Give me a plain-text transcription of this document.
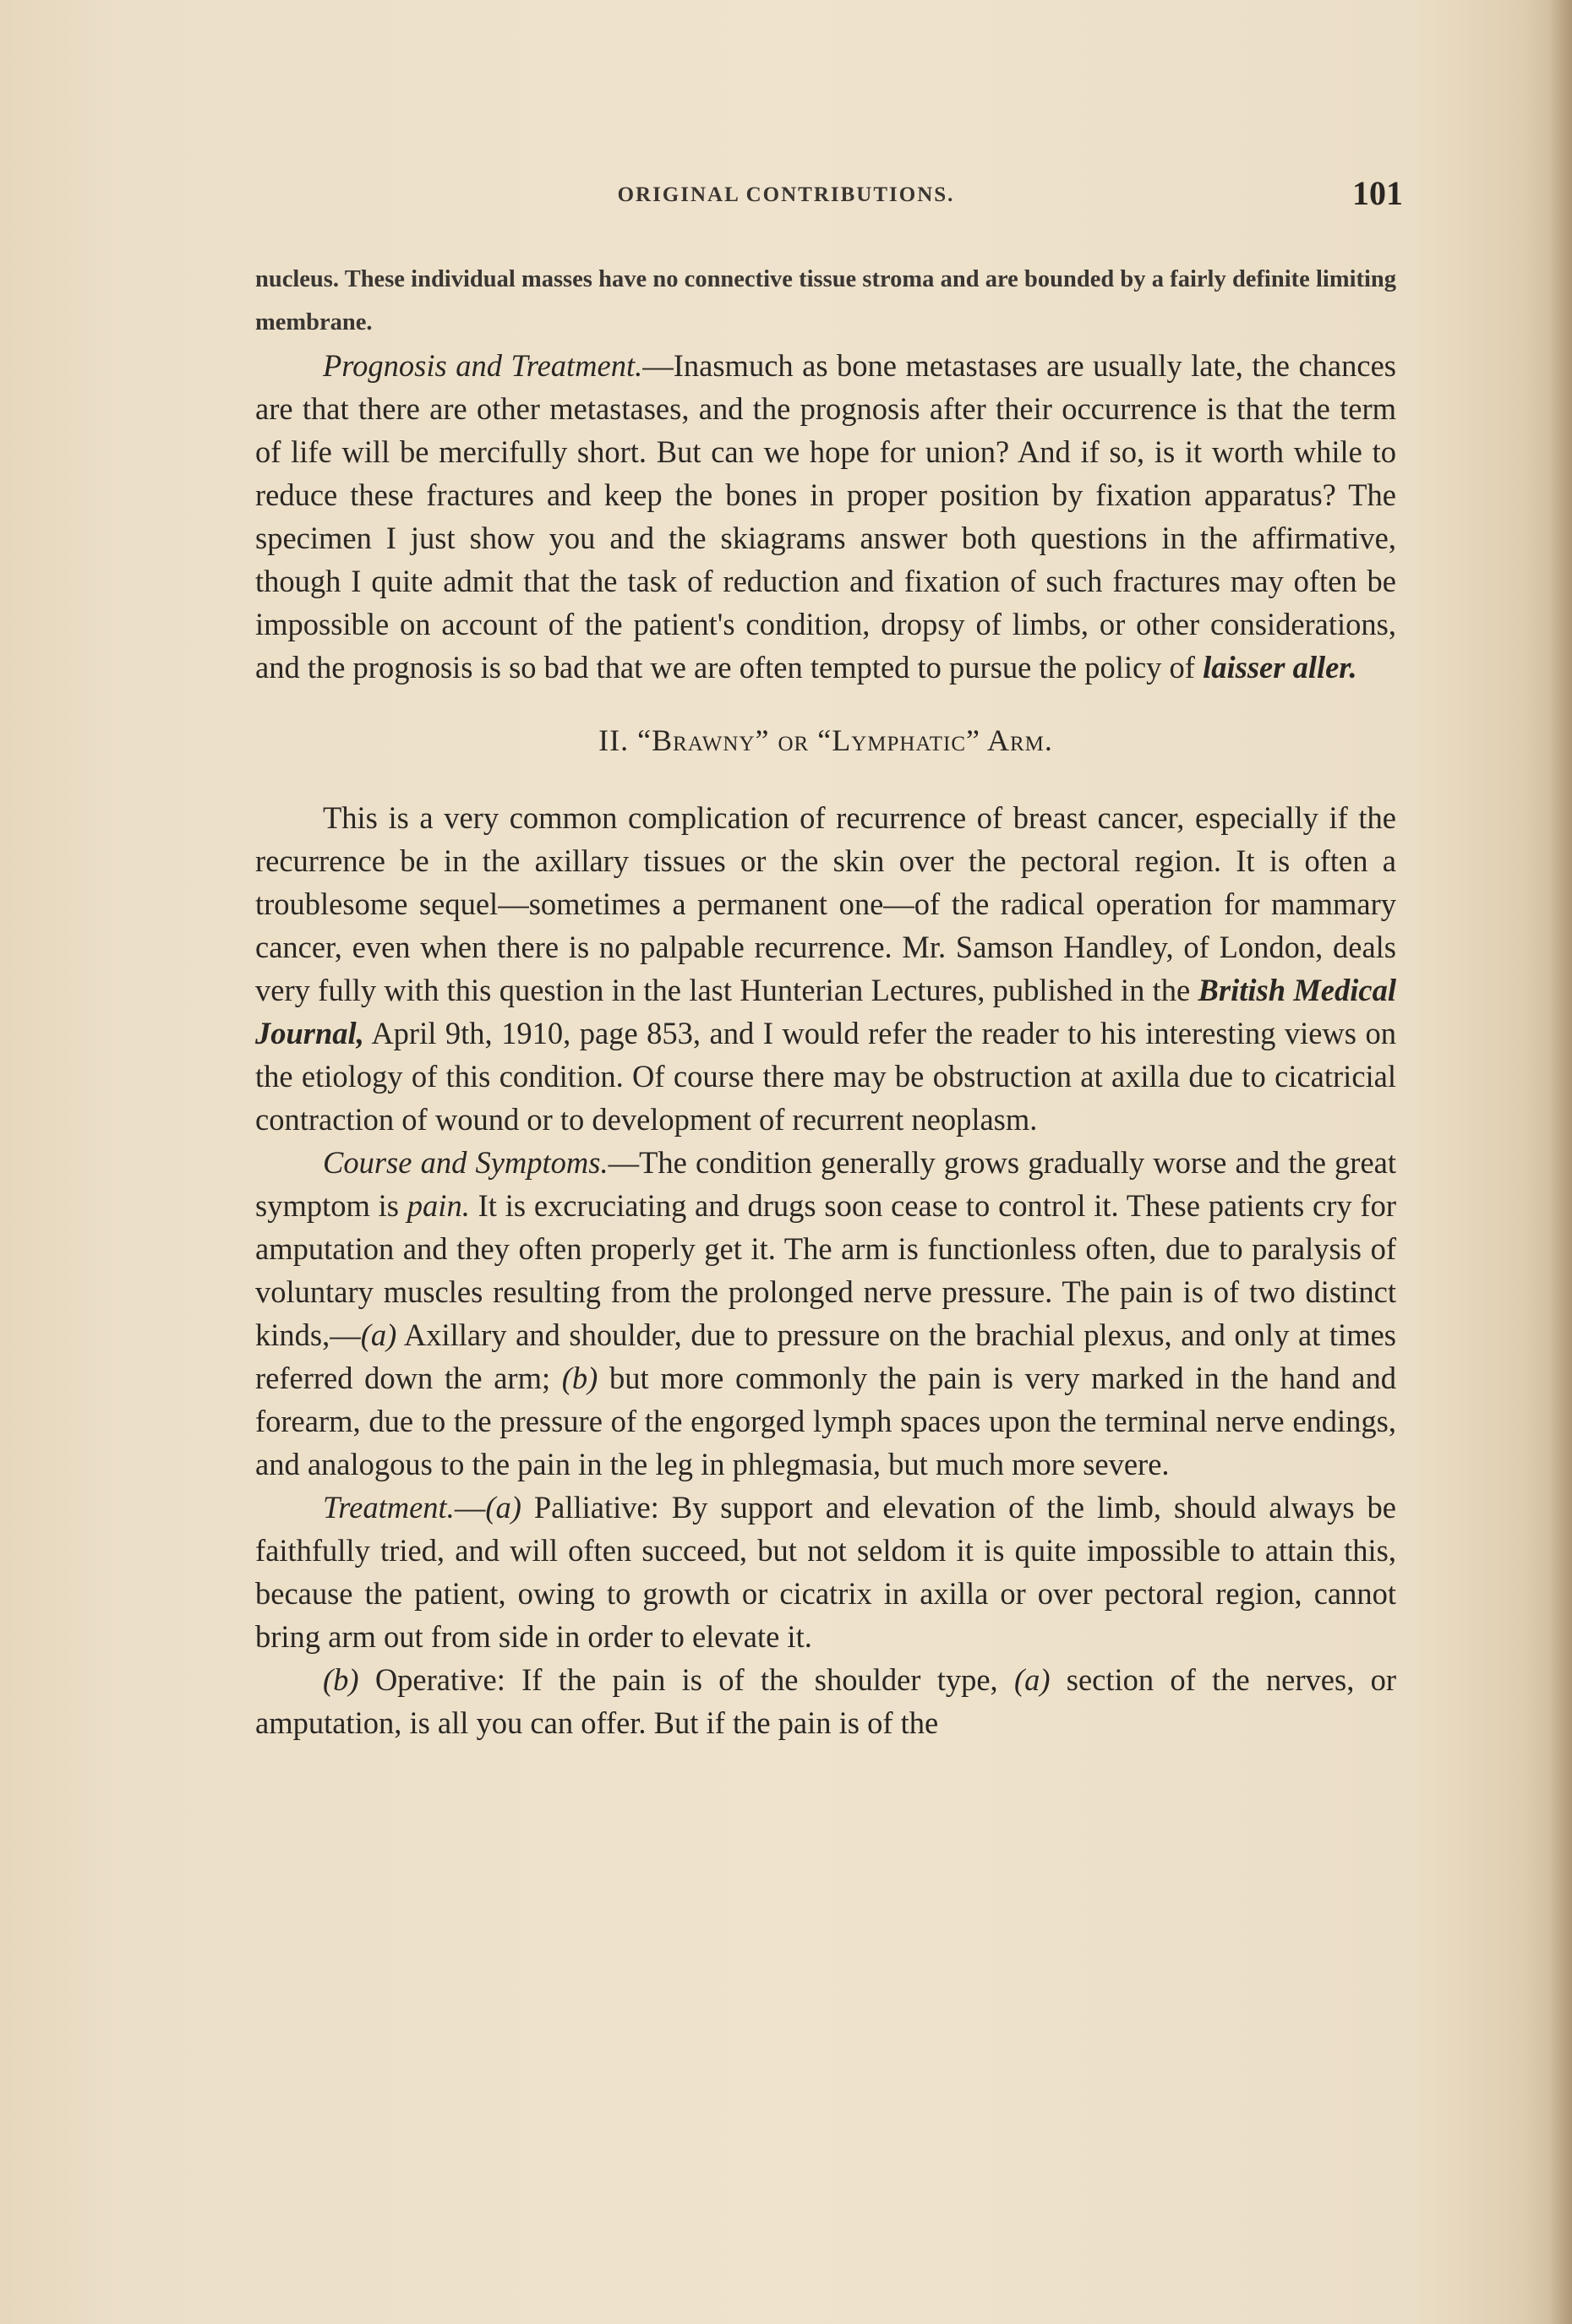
ORIGINAL CONTRIBUTIONS.	101

nucleus. These individual masses have no connective tissue stroma and are bounded by a fairly definite limiting membrane.

Prognosis and Treatment.—Inasmuch as bone metastases are usually late, the chances are that there are other metastases, and the prognosis after their occurrence is that the term of life will be mercifully short. But can we hope for union? And if so, is it worth while to reduce these fractures and keep the bones in proper position by fixation apparatus? The specimen I just show you and the skiagrams answer both questions in the affirmative, though I quite admit that the task of reduction and fixation of such fractures may often be impossible on account of the patient's condition, dropsy of limbs, or other considerations, and the prognosis is so bad that we are often tempted to pursue the policy of laisser aller.

II. “Brawny” or “Lymphatic” Arm.

This is a very common complication of recurrence of breast cancer, especially if the recurrence be in the axillary tissues or the skin over the pectoral region. It is often a troublesome sequel—sometimes a permanent one—of the radical operation for mammary cancer, even when there is no palpable recurrence. Mr. Samson Handley, of London, deals very fully with this question in the last Hunterian Lectures, published in the British Medical Journal, April 9th, 1910, page 853, and I would refer the reader to his interesting views on the etiology of this condition. Of course there may be obstruction at axilla due to cicatricial contraction of wound or to development of recurrent neoplasm.

Course and Symptoms.—The condition generally grows gradually worse and the great symptom is pain. It is excruciating and drugs soon cease to control it. These patients cry for amputation and they often properly get it. The arm is functionless often, due to paralysis of voluntary muscles resulting from the prolonged nerve pressure. The pain is of two distinct kinds,—(a) Axillary and shoulder, due to pressure on the brachial plexus, and only at times referred down the arm; (b) but more commonly the pain is very marked in the hand and forearm, due to the pressure of the engorged lymph spaces upon the terminal nerve endings, and analogous to the pain in the leg in phlegmasia, but much more severe.

Treatment.—(a) Palliative: By support and elevation of the limb, should always be faithfully tried, and will often succeed, but not seldom it is quite impossible to attain this, because the patient, owing to growth or cicatrix in axilla or over pectoral region, cannot bring arm out from side in order to elevate it.

(b) Operative: If the pain is of the shoulder type, (a) section of the nerves, or amputation, is all you can offer. But if the pain is of the
